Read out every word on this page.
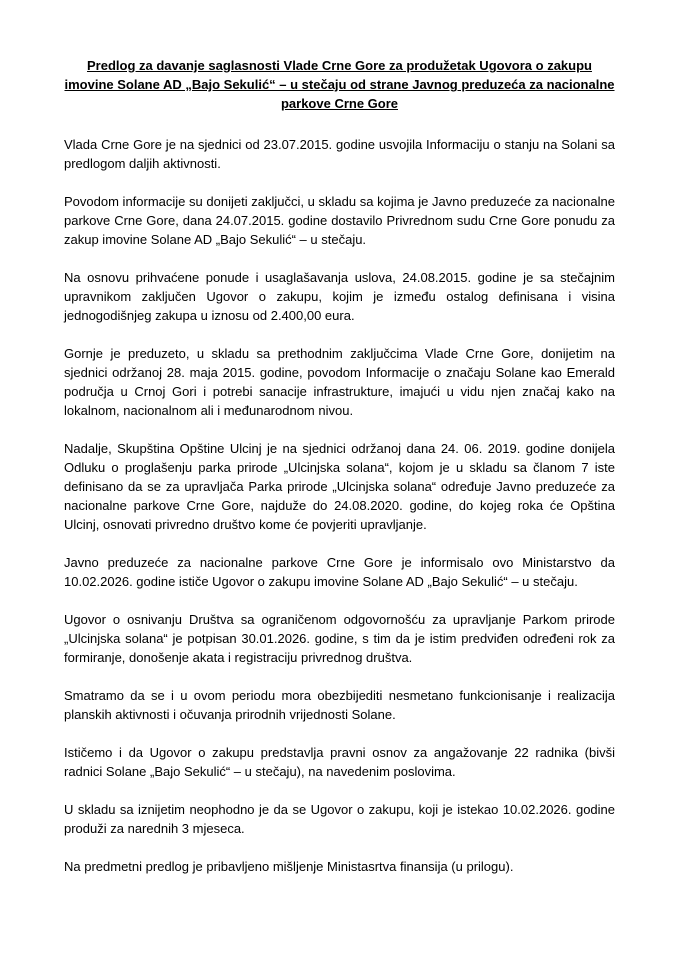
Predlog za davanje saglasnosti Vlade Crne Gore za produžetak Ugovora o zakupu imovine Solane AD „Bajo Sekulić“ – u stečaju od strane Javnog preduzeća za nacionalne parkove Crne Gore

Vlada Crne Gore je na sjednici od 23.07.2015. godine usvojila Informaciju o stanju na Solani sa predlogom daljih aktivnosti.

Povodom informacije su donijeti zaključci, u skladu sa kojima je Javno preduzeće za nacionalne parkove Crne Gore, dana 24.07.2015. godine dostavilo Privrednom sudu Crne Gore ponudu za zakup imovine Solane AD „Bajo Sekulić“ – u stečaju.

Na osnovu prihvaćene ponude i usaglašavanja uslova, 24.08.2015. godine je sa stečajnim upravnikom zaključen Ugovor o zakupu, kojim je između ostalog definisana i visina jednogodišnjeg zakupa u iznosu od 2.400,00 eura.

Gornje je preduzeto, u skladu sa prethodnim zaključcima Vlade Crne Gore, donijetim na sjednici održanoj 28. maja 2015. godine, povodom Informacije o značaju Solane kao Emerald područja u Crnoj Gori i potrebi sanacije infrastrukture, imajući u vidu njen značaj kako na lokalnom, nacionalnom ali i međunarodnom nivou.

Nadalje, Skupština Opštine Ulcinj je na sjednici održanoj dana 24. 06. 2019. godine donijela Odluku o proglašenju parka prirode „Ulcinjska solana“, kojom je u skladu sa članom 7 iste definisano da se za upravljača Parka prirode „Ulcinjska solana“ određuje Javno preduzeće za nacionalne parkove Crne Gore, najduže do 24.08.2020. godine, do kojeg roka će Opština Ulcinj, osnovati privredno društvo kome će povjeriti upravljanje.

Javno preduzeće za nacionalne parkove Crne Gore je informisalo ovo Ministarstvo da 10.02.2026. godine ističe Ugovor o zakupu imovine Solane AD „Bajo Sekulić“ – u stečaju.

Ugovor o osnivanju Društva sa ograničenom odgovornošću za upravljanje Parkom prirode „Ulcinjska solana“ je potpisan 30.01.2026. godine, s tim da je istim predviđen određeni rok za formiranje, donošenje akata i registraciju privrednog društva.

Smatramo da se i u ovom periodu mora obezbijediti nesmetano funkcionisanje i realizacija planskih aktivnosti i očuvanja prirodnih vrijednosti Solane.

Ističemo i da Ugovor o zakupu predstavlja pravni osnov za angažovanje 22 radnika (bivši radnici Solane „Bajo Sekulić“ – u stečaju), na navedenim poslovima.

U skladu sa iznijetim neophodno je da se Ugovor o zakupu, koji je istekao 10.02.2026. godine produži za narednih 3 mjeseca.

Na predmetni predlog je pribavljeno mišljenje Ministasrtva finansija (u prilogu).
